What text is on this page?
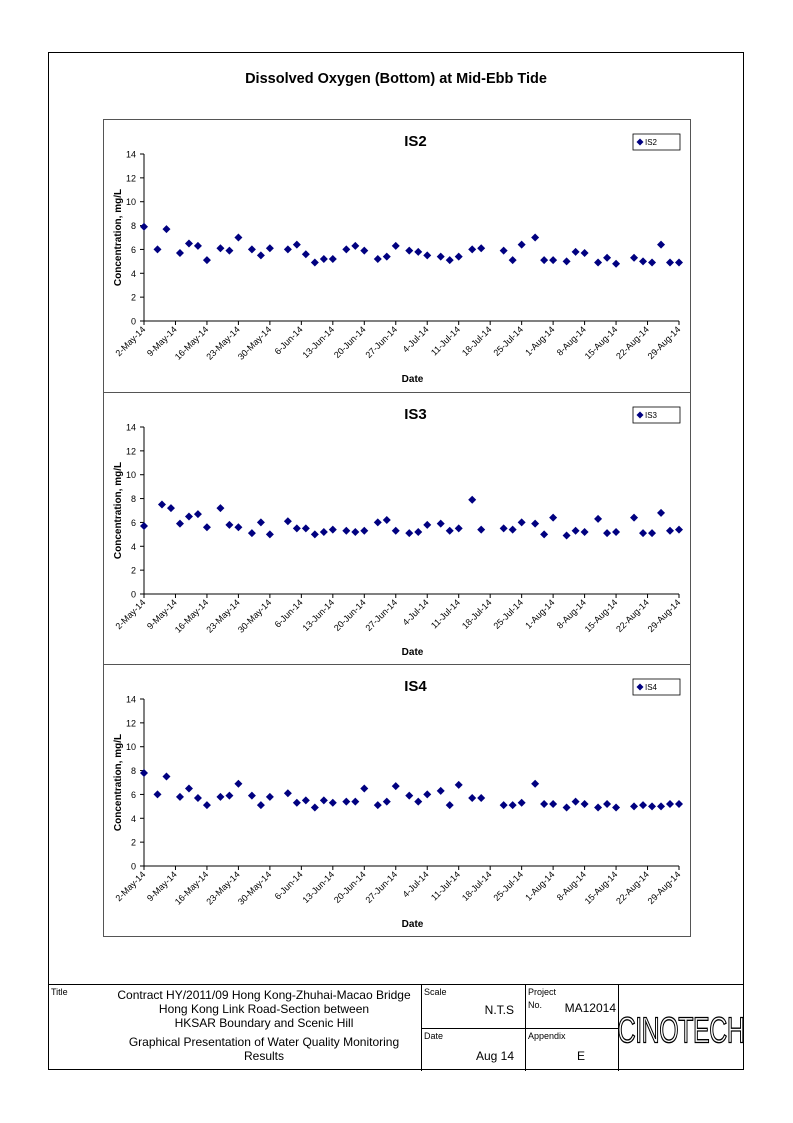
Dissolved Oxygen (Bottom) at Mid-Ebb Tide
IS2
0
2
4
6
8
10
12
14
2-May-14
9-May-14
16-May-14
23-May-14
30-May-14 6-Jun-14
13-Jun-14
20-Jun-14
27-Jun-14 4-Jul-14
11-Jul-14
18-Jul-14
25-Jul-14
1-Aug-14
8-Aug-14
15-Aug-14
22-Aug-14
29-Aug-14
Date
Concentration, mg/L
IS2
IS3
0
2
4
6
8
10
12
14
2-May-14
9-May-14
16-May-14
23-May-14
30-May-14 6-Jun-14
13-Jun-14
20-Jun-14
27-Jun-14 4-Jul-14
11-Jul-14
18-Jul-14
25-Jul-14
1-Aug-14
8-Aug-14
15-Aug-14
22-Aug-14
29-Aug-14
Date
Concentration, mg/L
IS3
IS4
0
2
4
6
8
10
12
14
2-May-14
9-May-14
16-May-14
23-May-14
30-May-14 6-Jun-14
13-Jun-14
20-Jun-14
27-Jun-14 4-Jul-14
11-Jul-14
18-Jul-14
25-Jul-14
1-Aug-14
8-Aug-14
15-Aug-14
22-Aug-14
29-Aug-14
Date
Concentration, mg/L
IS4
Title	Contract HY/2011/09 Hong Kong-Zhuhai-Macao Bridge
Hong Kong Link Road-Section between
HKSAR Boundary and Scenic Hill
Graphical Presentation of Water Quality Monitoring
Results
Scale
N.T.S
Date
Aug 14
Project
No.	MA12014
Appendix
E
CINOTECH
